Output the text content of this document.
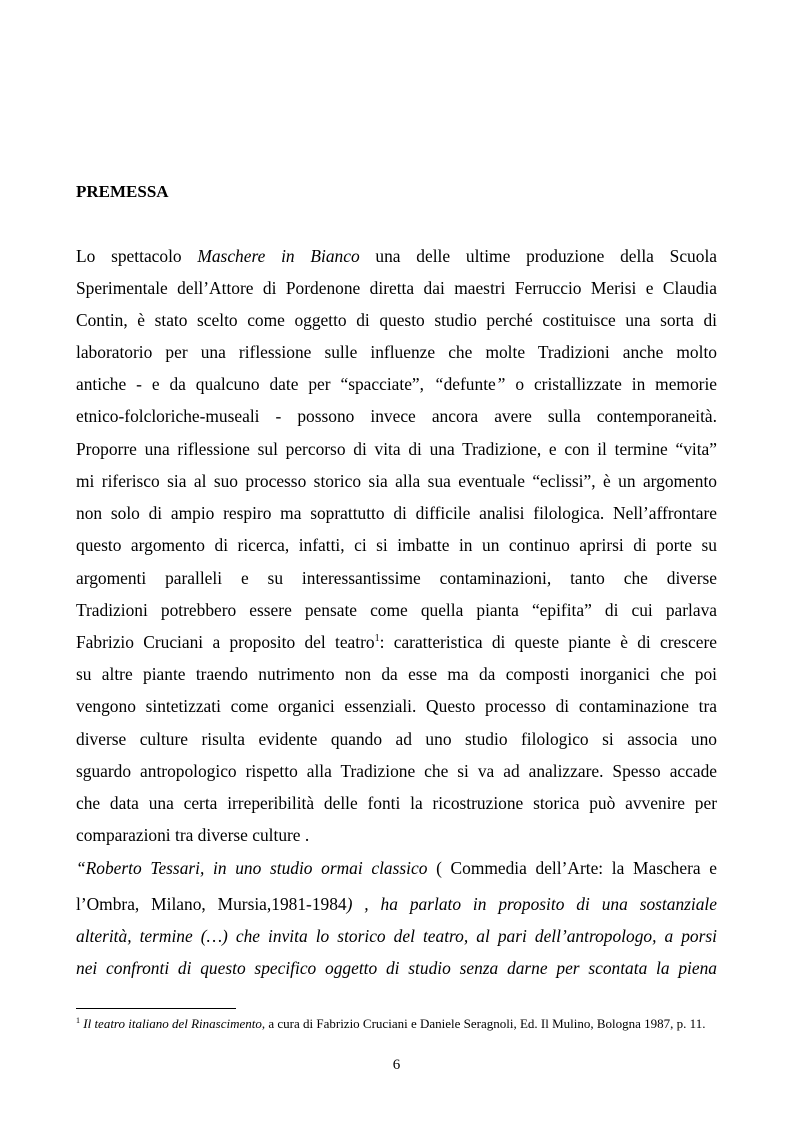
PREMESSA
Lo spettacolo Maschere in Bianco una delle ultime produzione della Scuola
Sperimentale dell’Attore di Pordenone diretta dai maestri Ferruccio Merisi e Claudia
Contin, è stato scelto come oggetto di questo studio perché costituisce una sorta di
laboratorio per una riflessione sulle influenze che molte Tradizioni anche molto
antiche - e da qualcuno date per “spacciate”, “defunte” o cristallizzate in memorie
etnico-folcloriche-museali - possono invece ancora avere sulla contemporaneità.
Proporre una riflessione sul percorso di vita di una Tradizione, e con il termine “vita”
mi riferisco sia al suo processo storico sia alla sua eventuale “eclissi”, è un argomento
non solo di ampio respiro ma soprattutto di difficile analisi filologica. Nell’affrontare
questo argomento di ricerca, infatti, ci si imbatte in un continuo aprirsi di porte su
argomenti paralleli e su interessantissime contaminazioni, tanto che diverse
Tradizioni potrebbero essere pensate come quella pianta “epifita” di cui parlava
Fabrizio Cruciani a proposito del teatro$^1$: caratteristica di queste piante è di crescere
su altre piante traendo nutrimento non da esse ma da composti inorganici che poi
vengono sintetizzati come organici essenziali. Questo processo di contaminazione tra
diverse culture risulta evidente quando ad uno studio filologico si associa uno
sguardo antropologico rispetto alla Tradizione che si va ad analizzare. Spesso accade
che data una certa irreperibilità delle fonti la ricostruzione storica può avvenire per
comparazioni tra diverse culture .
“Roberto Tessari, in uno studio ormai classico ( Commedia dell’Arte: la Maschera e
l’Ombra, Milano, Mursia,1981-1984) , ha parlato in proposito di una sostanziale
alterità, termine (…) che invita lo storico del teatro, al pari dell’antropologo, a porsi
nei confronti di questo specifico oggetto di studio senza darne per scontata la piena
$^1$ Il teatro italiano del Rinascimento, a cura di Fabrizio Cruciani e Daniele Seragnoli, Ed. Il Mulino, Bologna 1987, p. 11.
6
